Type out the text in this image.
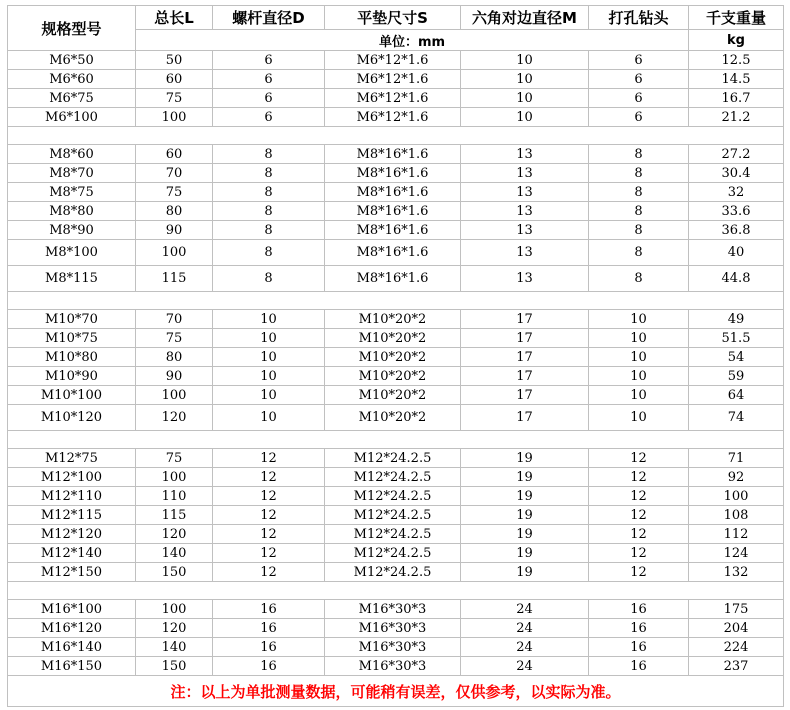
规格型号	总长L	螺杆直径D	平垫尺寸S	六角对边直径M	打孔钻头	千支重量
	单位：mm					kg
M6*50	50	6	M6*12*1.6	10	6	12.5
M6*60	60	6	M6*12*1.6	10	6	14.5
M6*75	75	6	M6*12*1.6	10	6	16.7
M6*100	100	6	M6*12*1.6	10	6	21.2

M8*60	60	8	M8*16*1.6	13	8	27.2
M8*70	70	8	M8*16*1.6	13	8	30.4
M8*75	75	8	M8*16*1.6	13	8	32
M8*80	80	8	M8*16*1.6	13	8	33.6
M8*90	90	8	M8*16*1.6	13	8	36.8
M8*100	100	8	M8*16*1.6	13	8	40
M8*115	115	8	M8*16*1.6	13	8	44.8

M10*70	70	10	M10*20*2	17	10	49
M10*75	75	10	M10*20*2	17	10	51.5
M10*80	80	10	M10*20*2	17	10	54
M10*90	90	10	M10*20*2	17	10	59
M10*100	100	10	M10*20*2	17	10	64
M10*120	120	10	M10*20*2	17	10	74

M12*75	75	12	M12*24.2.5	19	12	71
M12*100	100	12	M12*24.2.5	19	12	92
M12*110	110	12	M12*24.2.5	19	12	100
M12*115	115	12	M12*24.2.5	19	12	108
M12*120	120	12	M12*24.2.5	19	12	112
M12*140	140	12	M12*24.2.5	19	12	124
M12*150	150	12	M12*24.2.5	19	12	132

M16*100	100	16	M16*30*3	24	16	175
M16*120	120	16	M16*30*3	24	16	204
M16*140	140	16	M16*30*3	24	16	224
M16*150	150	16	M16*30*3	24	16	237
注：以上为单批测量数据，可能稍有误差，仅供参考，以实际为准。						
